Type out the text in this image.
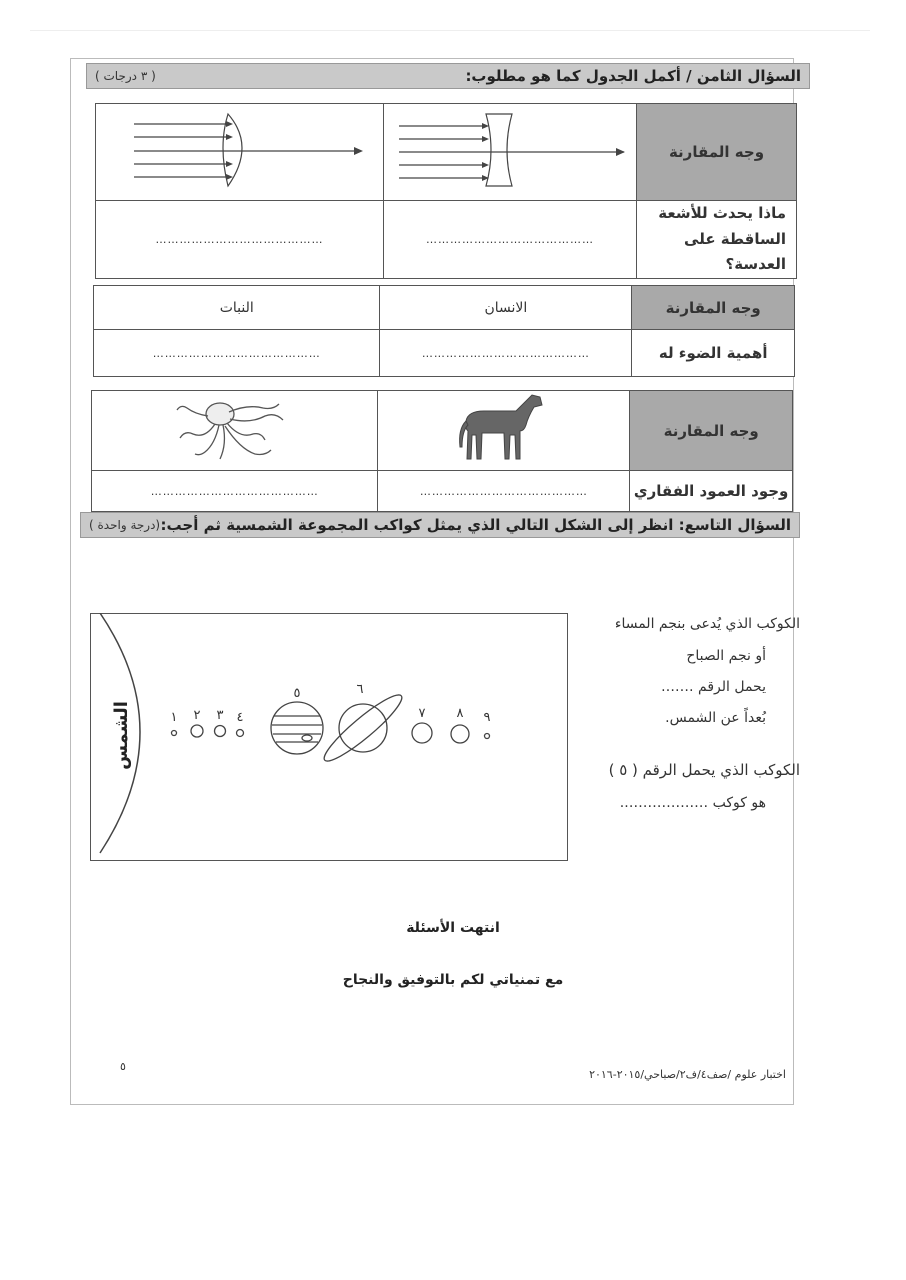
( ٣ درجات )	السؤال الثامن / أكمل الجدول كما هو مطلوب:
		وجه المقارنة
……………………………………	……………………………………	ماذا يحدث للأشعة الساقطة على العدسة؟
النبات	الانسان	وجه المقارنة
……………………………………	……………………………………	أهمية الضوء له
		وجه المقارنة
……………………………………	……………………………………	وجود العمود الفقاري
(درجة واحدة ) السؤال التاسع: انظر إلى الشكل التالي الذي يمثل كواكب المجموعة الشمسية ثم أجب:
١ ٢ ٣ ٤
٥	٦
٧ ٨ ٩
الشمس
الكوكب الذي يُدعى بنجم المساء
أو نجم الصباح
يحمل الرقم …….
بُعداً عن الشمس.
الكوكب الذي يحمل الرقم ( ٥ )
هو كوكب ……………….
انتهت الأسئلة
مع تمنياتي لكم بالتوفيق والنجاح
اختبار علوم /صف٤/ف٢/صباحي/٢٠١٥-٢٠١٦
٥
